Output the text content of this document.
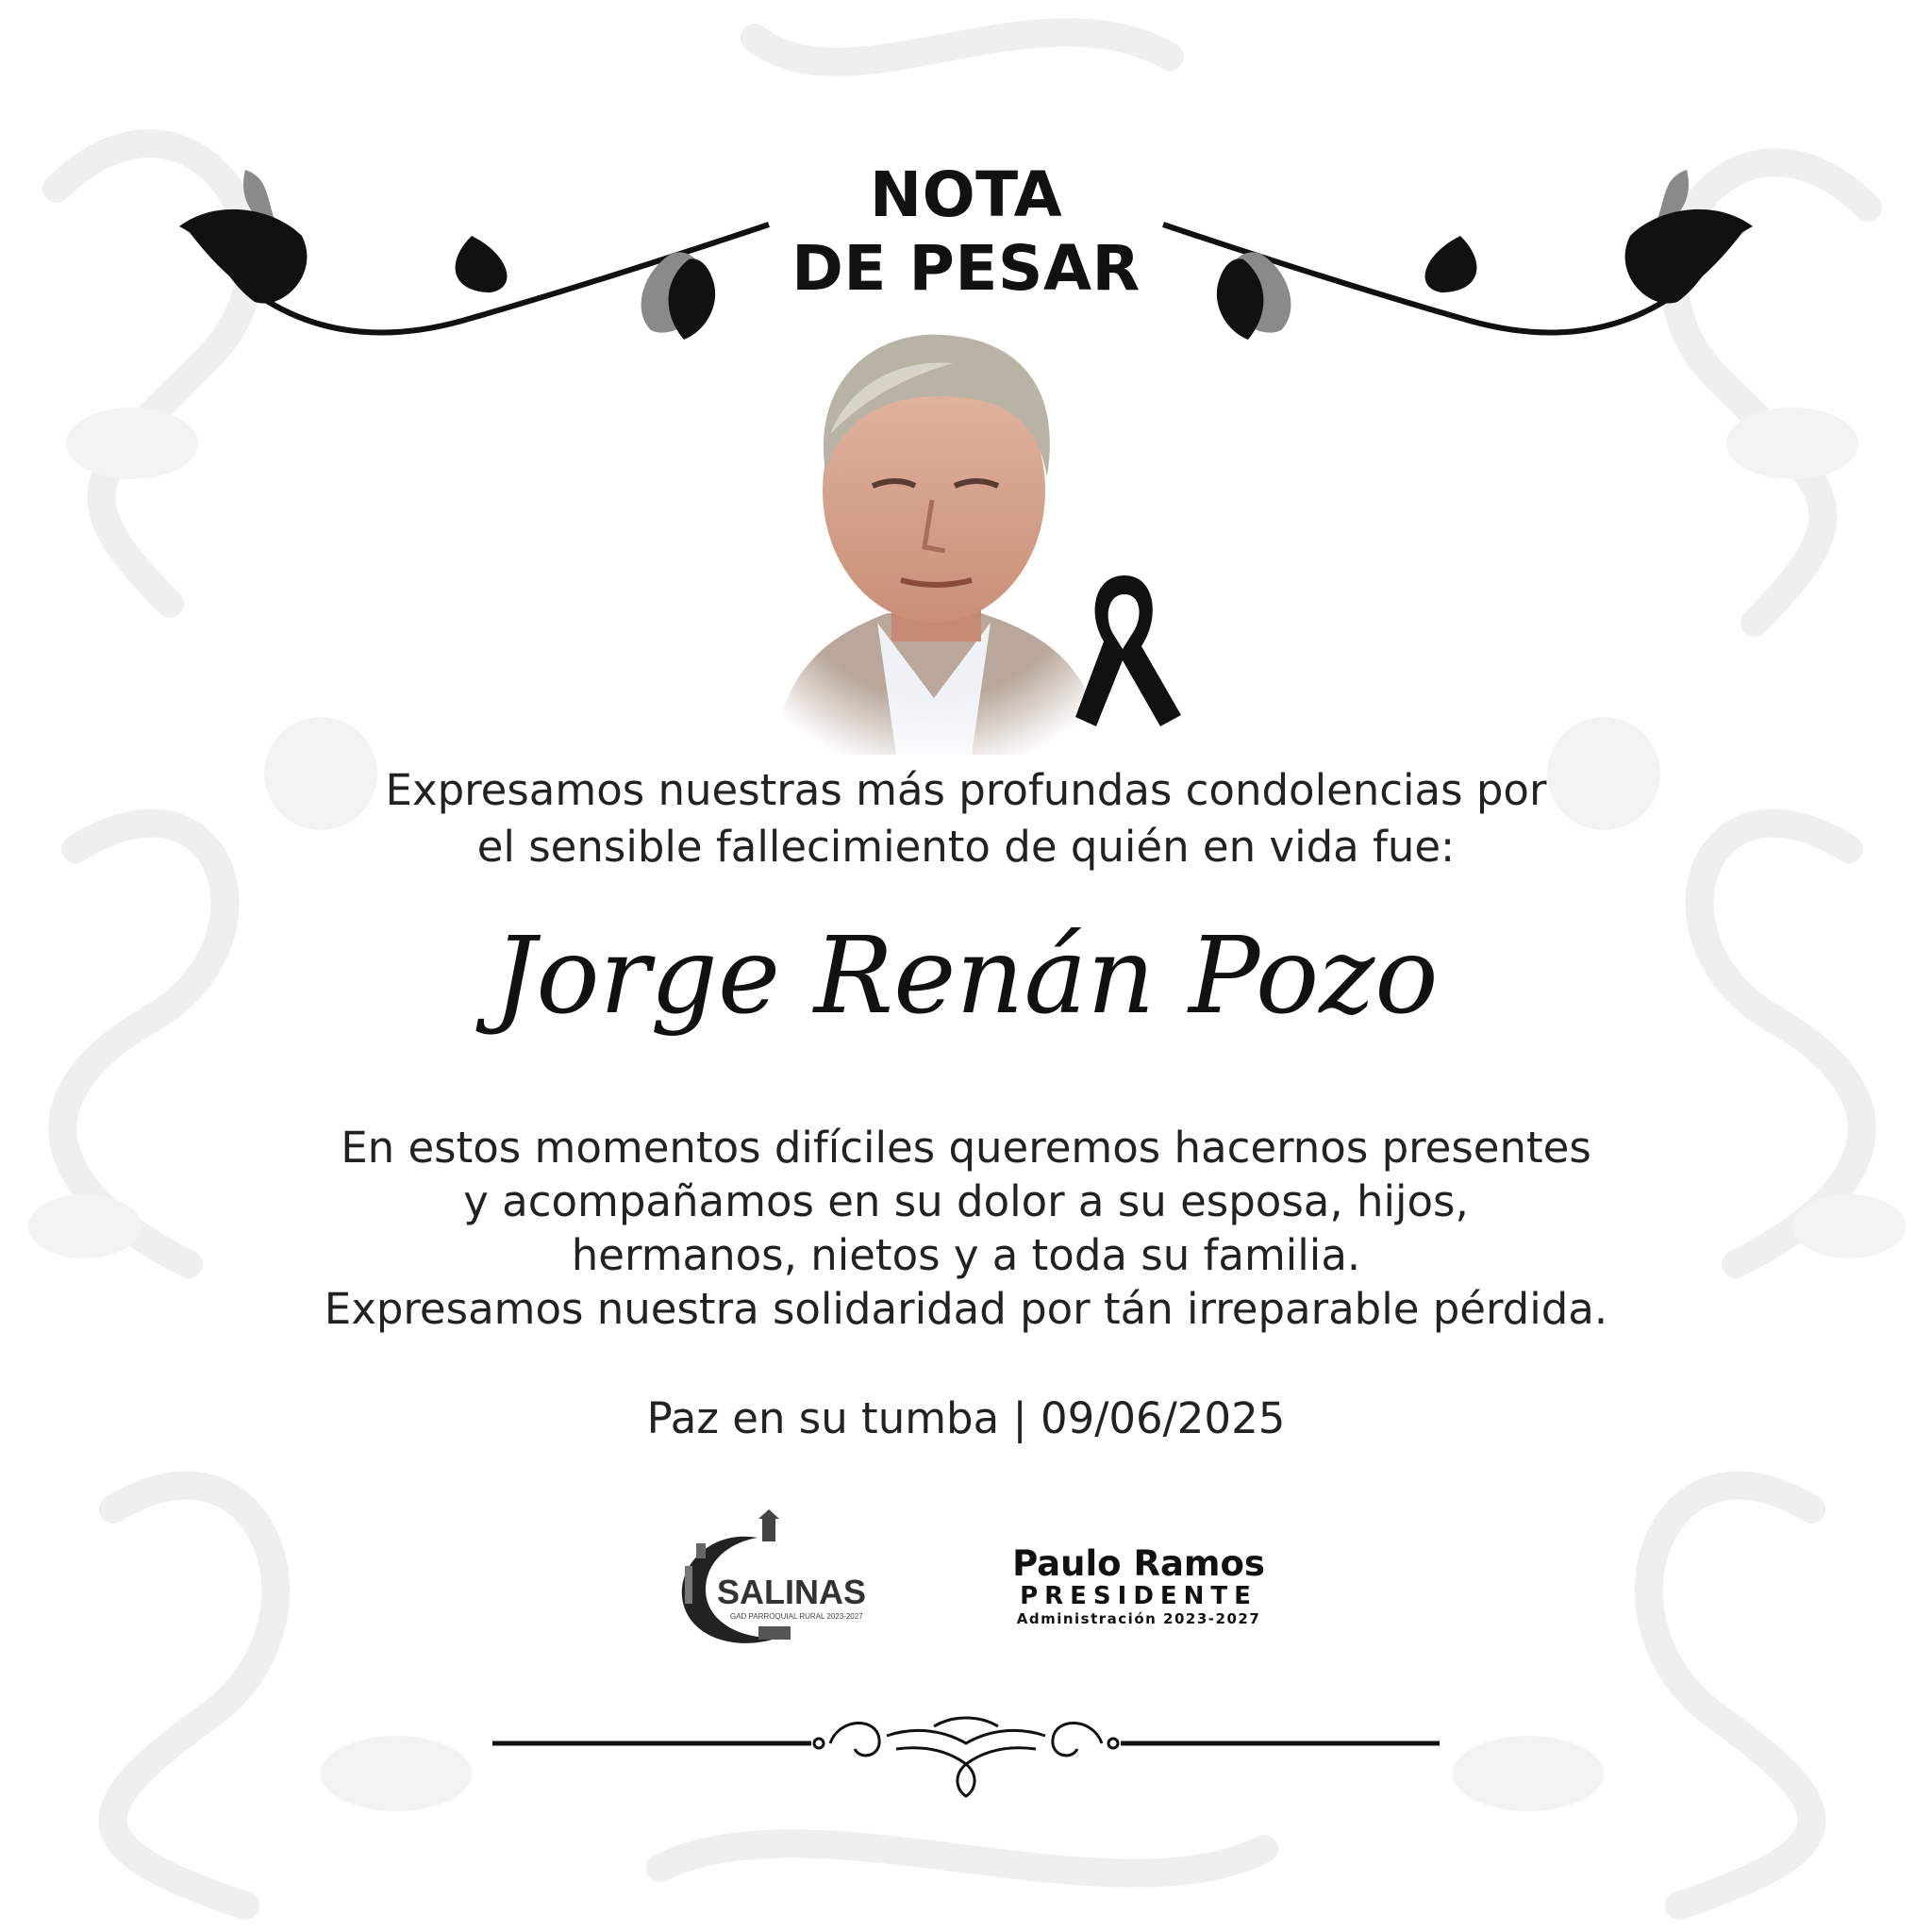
NOTA
DE PESAR
Expresamos nuestras más profundas condolencias por
el sensible fallecimiento de quién en vida fue:
Jorge Renán Pozo
En estos momentos difíciles queremos hacernos presentes
y acompañamos en su dolor a su esposa, hijos,
hermanos, nietos y a toda su familia.
Expresamos nuestra solidaridad por tán irreparable pérdida.
Paz en su tumba | 09/06/2025
SALINAS
GAD PARROQUIAL RURAL 2023-2027
Paulo Ramos
PRESIDENTE
Administración 2023-2027
